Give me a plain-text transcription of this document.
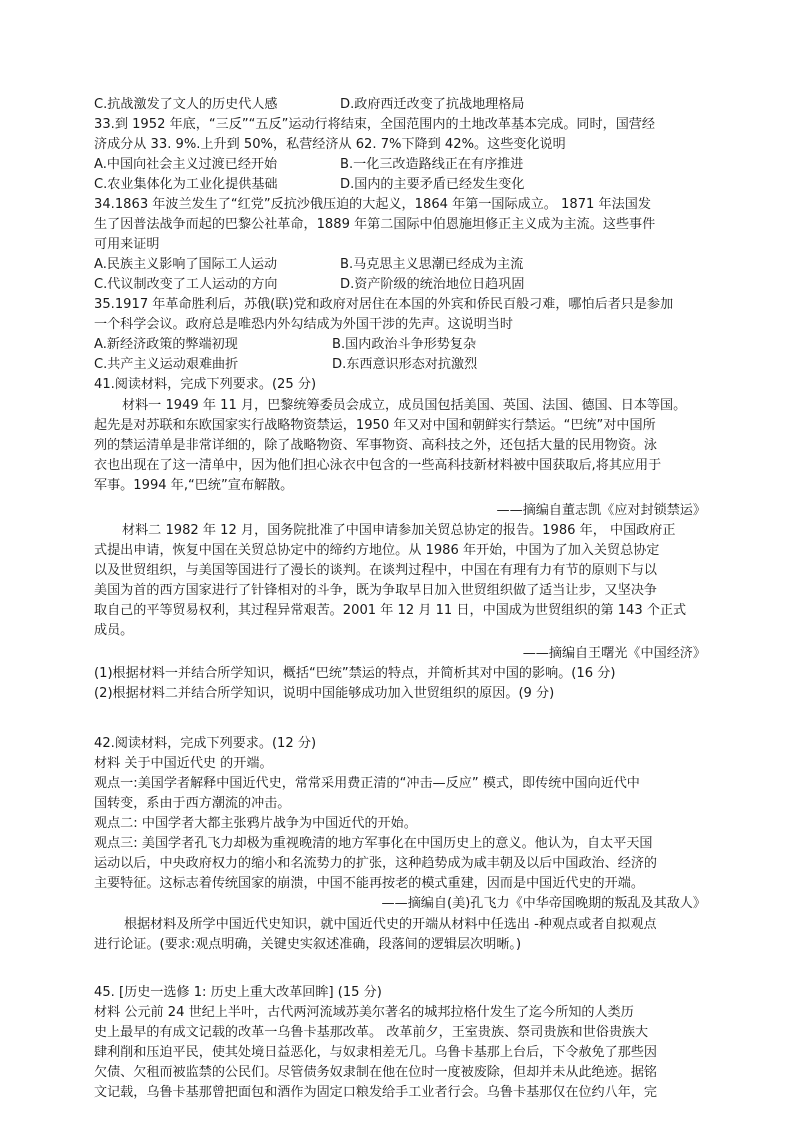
C.抗战激发了文人的历史代人感	D.政府西迁改变了抗战地理格局
33.到 1952 年底，“三反”“五反”运动行将结束，全国范围内的土地改革基本完成。同时，国营经
济成分从 33. 9%.上升到 50%，私营经济从 62. 7%下降到 42%。这些变化说明
A.中国向社会主义过渡已经开始	B.一化三改造路线正在有序推进
C.农业集体化为工业化提供基础	D.国内的主要矛盾已经发生变化
34.1863 年波兰发生了“红党”反抗沙俄压迫的大起义，1864 年第一国际成立。 1871 年法国发
生了因普法战争而起的巴黎公社革命，1889 年第二国际中伯恩施坦修正主义成为主流。这些事件
可用来证明
A.民族主义影响了国际工人运动	B.马克思主义思潮已经成为主流
C.代议制改变了工人运动的方向	D.资产阶级的统治地位日趋巩固
35.1917 年革命胜利后，苏俄(联)党和政府对居住在本国的外宾和侨民百般刁难，哪怕后者只是参加
一个科学会议。政府总是唯恐内外勾结成为外国干涉的先声。这说明当时
A.新经济政策的弊端初现	B.国内政治斗争形势复杂
C.共产主义运动艰难曲折	D.东西意识形态对抗激烈
41.阅读材料，完成下列要求。(25 分)
材料一 1949 年 11 月，巴黎统筹委员会成立，成员国包括美国、英国、法国、德国、日本等国。
起先是对苏联和东欧国家实行战略物资禁运，1950 年又对中国和朝鲜实行禁运。“巴统”对中国所
列的禁运清单是非常详细的，除了战略物资、军事物资、高科技之外，还包括大量的民用物资。泳
衣也出现在了这一清单中，因为他们担心泳衣中包含的一些高科技新材料被中国获取后,将其应用于
军事。1994 年,“巴统”宣布解散。
——摘编自董志凯《应对封锁禁运》
材料二 1982 年 12 月，国务院批准了中国申请参加关贸总协定的报告。1986 年， 中国政府正
式提出申请，恢复中国在关贸总协定中的缔约方地位。从 1986 年开始，中国为了加入关贸总协定
以及世贸组织，与美国等国进行了漫长的谈判。在谈判过程中，中国在有理有力有节的原则下与以
美国为首的西方国家进行了针锋相对的斗争，既为争取早日加入世贸组织做了适当让步，又坚决争
取自己的平等贸易权利，其过程异常艰苦。2001 年 12 月 11 日，中国成为世贸组织的第 143 个正式
成员。
——摘编自王曙光《中国经济》
(1)根据材料一并结合所学知识，概括“巴统”禁运的特点，并简析其对中国的影响。(16 分)
(2)根据材料二并结合所学知识，说明中国能够成功加入世贸组织的原因。(9 分)
42.阅读材料，完成下列要求。(12 分)
材料 关于中国近代史 的开端。
观点一:美国学者解释中国近代史，常常采用费正清的“冲击—反应” 模式，即传统中国向近代中
国转变，系由于西方潮流的冲击。
观点二: 中国学者大都主张鸦片战争为中国近代的开始。
观点三: 美国学者孔飞力却极为重视晚清的地方军事化在中国历史上的意义。他认为，自太平天国
运动以后，中央政府权力的缩小和名流势力的扩张，这种趋势成为咸丰朝及以后中国政治、经济的
主要特征。这标志着传统国家的崩溃，中国不能再按老的模式重建，因而是中国近代史的开端。
——摘编自(美)孔飞力《中华帝国晚期的叛乱及其敌人》
根据材料及所学中国近代史知识，就中国近代史的开端从材料中任选出 -种观点或者自拟观点
进行论证。(要求:观点明确，关键史实叙述准确，段落间的逻辑层次明晰。)
45. [历史一选修 1: 历史上重大改革回眸] (15 分)
材料 公元前 24 世纪上半叶，古代两河流域苏美尔著名的城邦拉格什发生了迄今所知的人类历
史上最早的有成文记载的改革一乌鲁卡基那改革。 改革前夕，王室贵族、祭司贵族和世俗贵族大
肆利削和压迫平民，使其处境日益恶化，与奴隶相差无几。乌鲁卡基那上台后，下令赦免了那些因
欠债、欠租而被监禁的公民们。尽管债务奴隶制在他在位时一度被废除，但却并未从此绝迹。据铭
文记载，乌鲁卡基那曾把面包和酒作为固定口粮发给手工业者行会。乌鲁卡基那仅在位约八年，完
